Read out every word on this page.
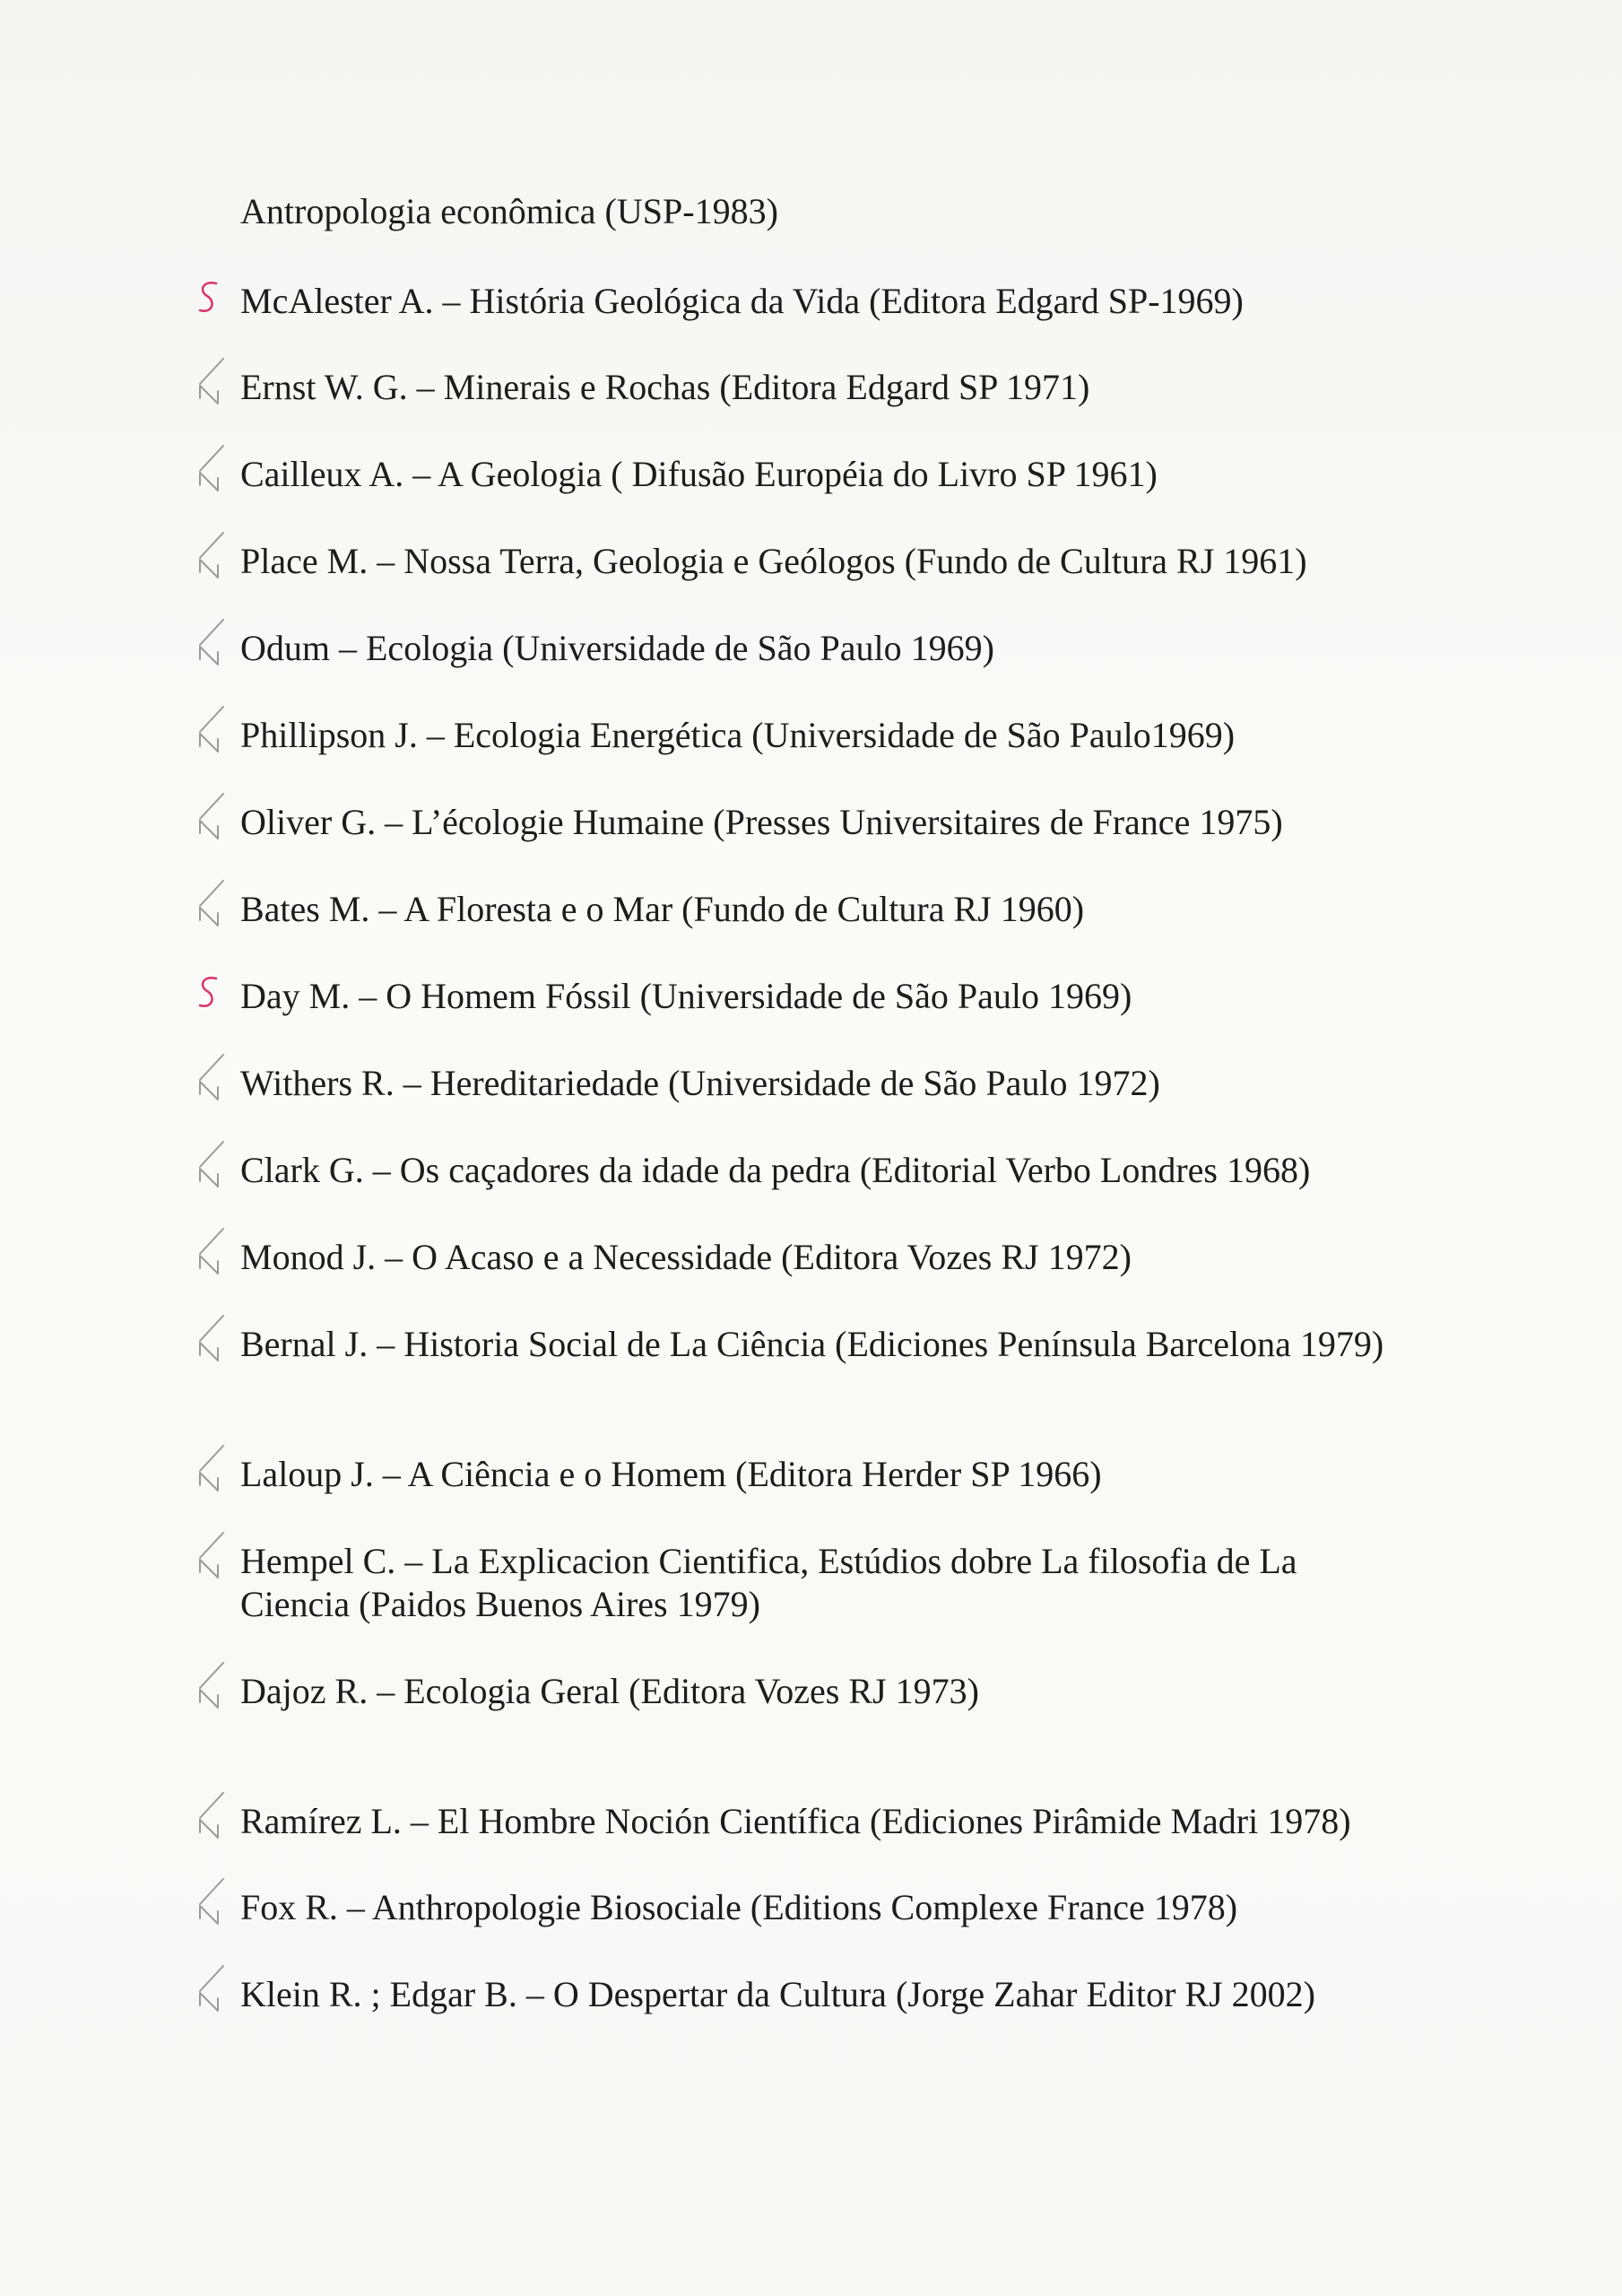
Antropologia econômica (USP-1983)
McAlester A. – História Geológica da Vida (Editora Edgard SP-1969)
Ernst W. G. – Minerais e Rochas (Editora Edgard SP 1971)
Cailleux A. – A Geologia ( Difusão Européia do Livro SP 1961)
Place M. – Nossa Terra, Geologia e Geólogos (Fundo de Cultura RJ 1961)
Odum – Ecologia (Universidade de São Paulo 1969)
Phillipson J. – Ecologia Energética (Universidade de São Paulo1969)
Oliver G. – L’écologie Humaine (Presses Universitaires de France 1975)
Bates M. – A Floresta e o Mar (Fundo de Cultura RJ 1960)
Day M. – O Homem Fóssil (Universidade de São Paulo 1969)
Withers R. – Hereditariedade (Universidade de São Paulo 1972)
Clark G. – Os caçadores da idade da pedra (Editorial Verbo Londres 1968)
Monod J. – O Acaso e a Necessidade (Editora Vozes RJ 1972)
Bernal J. – Historia Social de La Ciência (Ediciones Península Barcelona 1979)
Laloup J. – A Ciência e o Homem (Editora Herder SP 1966)
Hempel C. – La Explicacion Cientifica, Estúdios dobre La filosofia de La Ciencia (Paidos Buenos Aires 1979)
Dajoz R. – Ecologia Geral (Editora Vozes RJ 1973)
Ramírez L. – El Hombre Noción Científica (Ediciones Pirâmide Madri 1978)
Fox R. – Anthropologie Biosociale (Editions Complexe France 1978)
Klein R. ; Edgar B. – O Despertar da Cultura (Jorge Zahar Editor RJ 2002)
